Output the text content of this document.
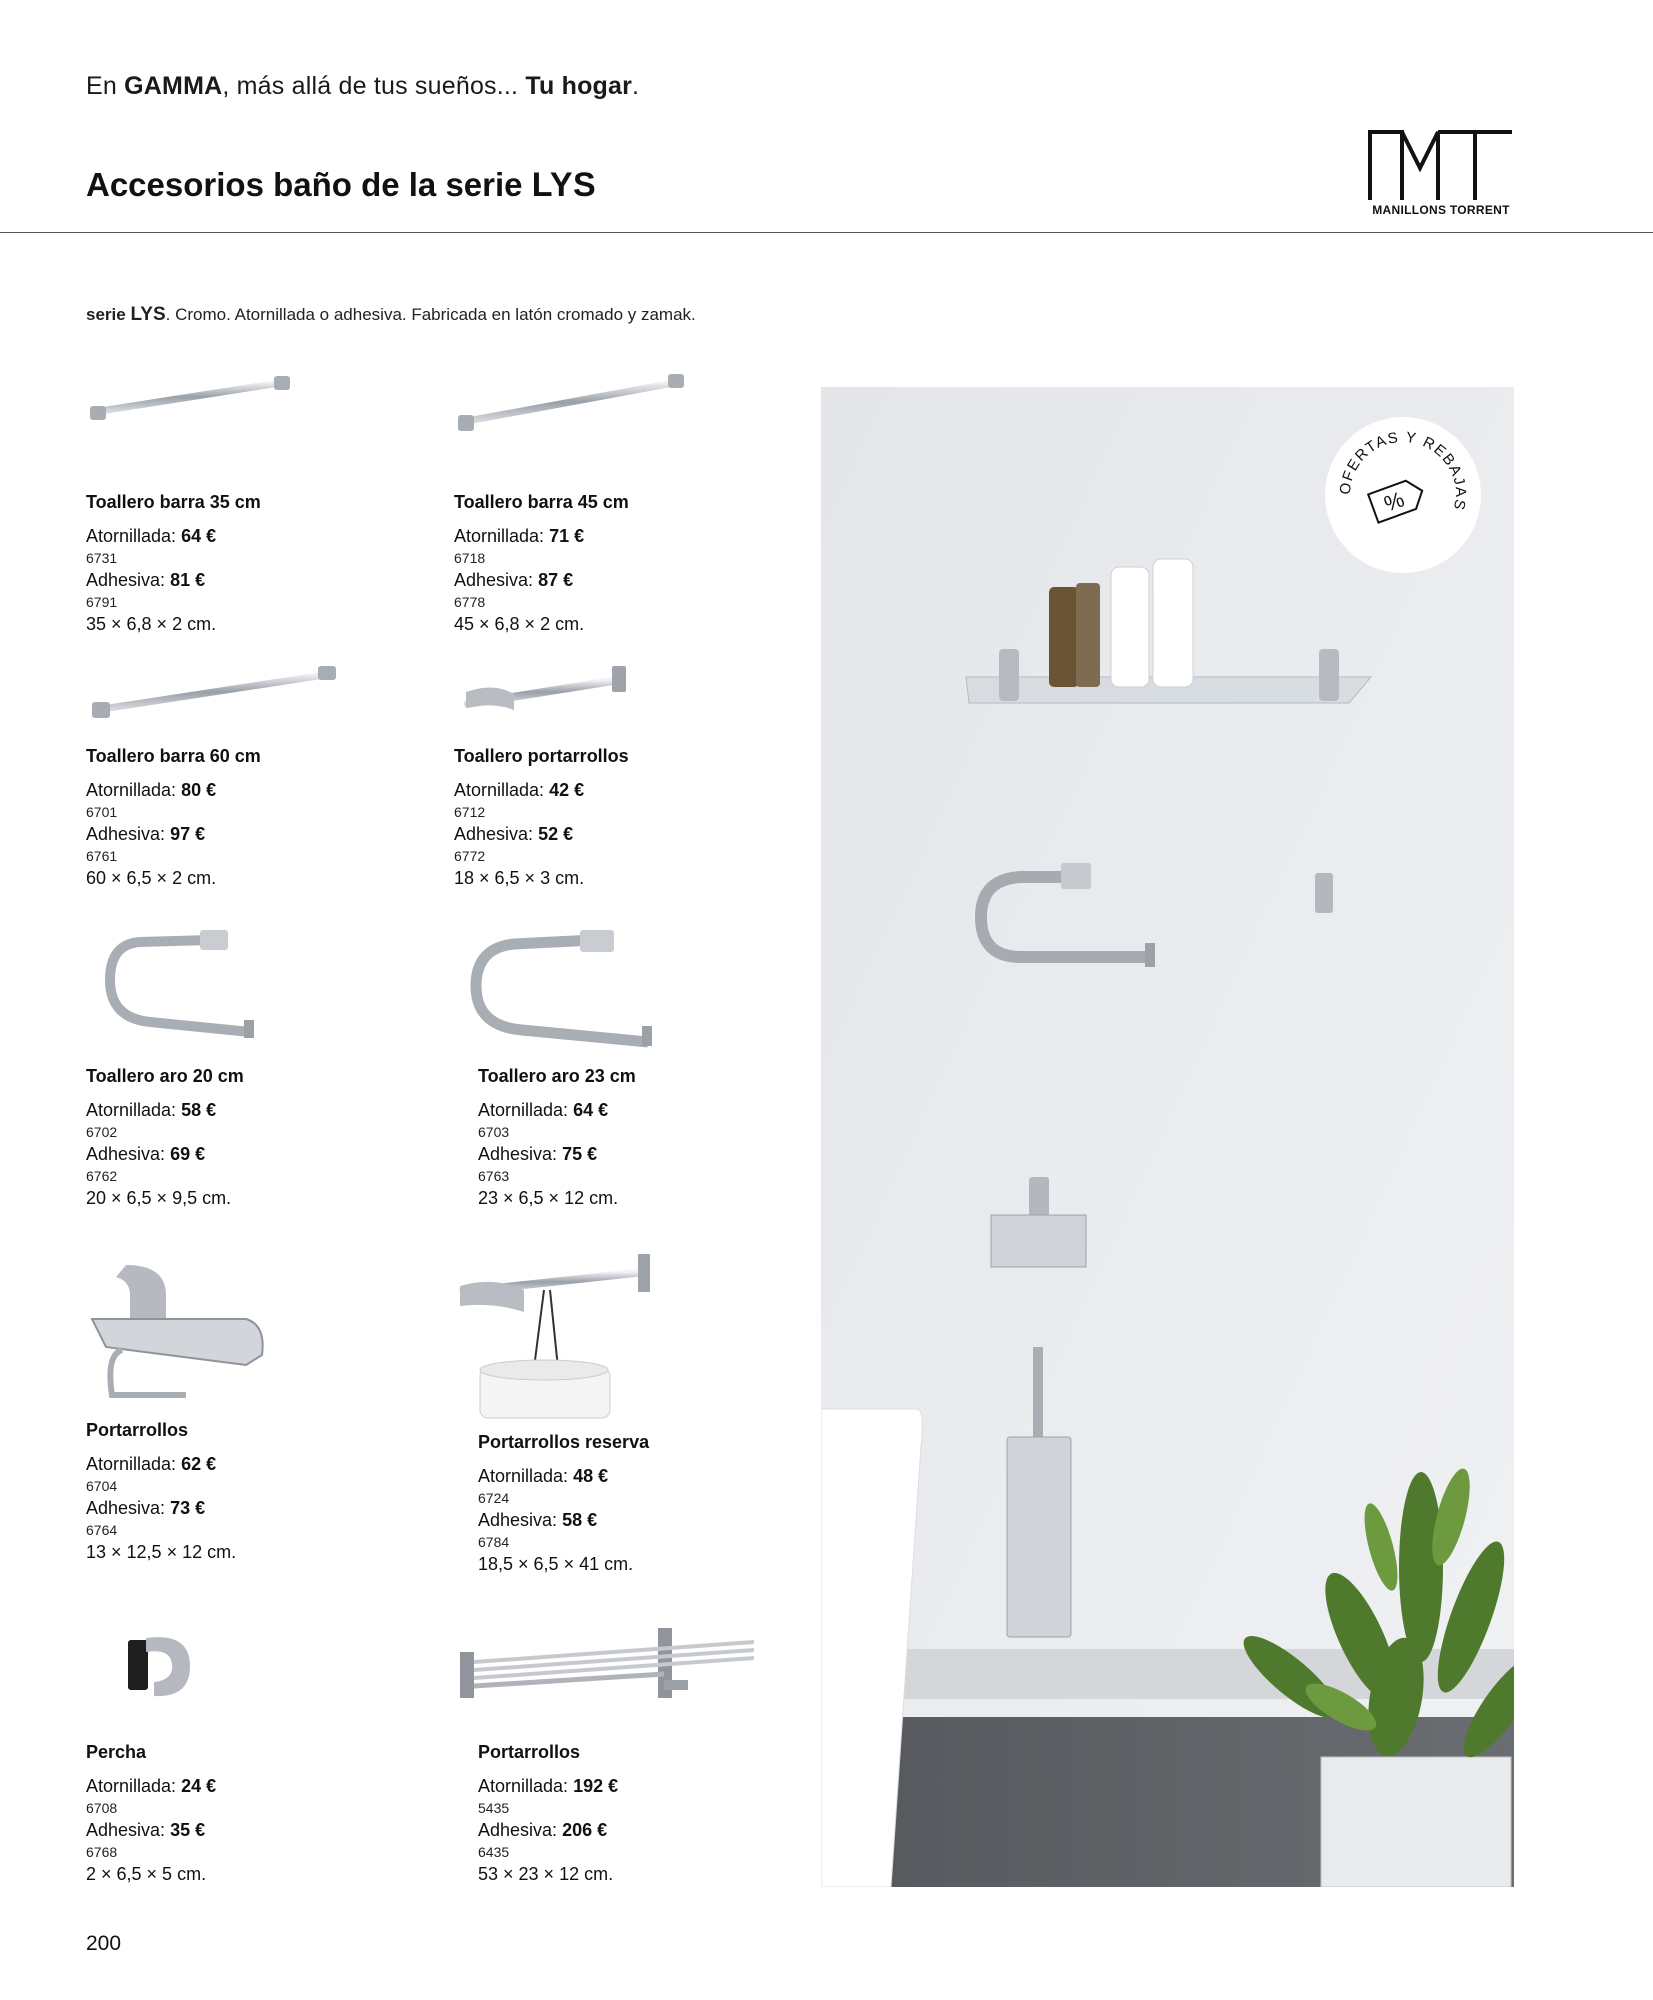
En GAMMA, más allá de tus sueños... Tu hogar.
Accesorios baño de la serie LYS
MANILLONS TORRENT
serie LYS. Cromo. Atornillada o adhesiva. Fabricada en latón cromado y zamak.
Toallero barra 35 cm
Atornillada: 64 €
6731
Adhesiva: 81 €
6791
35 × 6,8 × 2 cm.
Toallero barra 45 cm
Atornillada: 71 €
6718
Adhesiva: 87 €
6778
45 × 6,8 × 2 cm.
Toallero barra 60 cm
Atornillada: 80 €
6701
Adhesiva: 97 €
6761
60 × 6,5 × 2 cm.
Toallero portarrollos
Atornillada: 42 €
6712
Adhesiva: 52 €
6772
18 × 6,5 × 3 cm.
Toallero aro 20 cm
Atornillada: 58 €
6702
Adhesiva: 69 €
6762
20 × 6,5 × 9,5 cm.
Toallero aro 23 cm
Atornillada: 64 €
6703
Adhesiva: 75 €
6763
23 × 6,5 × 12 cm.
Portarrollos
Atornillada: 62 €
6704
Adhesiva: 73 €
6764
13 × 12,5 × 12 cm.
Portarrollos reserva
Atornillada: 48 €
6724
Adhesiva: 58 €
6784
18,5 × 6,5 × 41 cm.
Percha
Atornillada: 24 €
6708
Adhesiva: 35 €
6768
2 × 6,5 × 5 cm.
Portarrollos
Atornillada: 192 €
5435
Adhesiva: 206 €
6435
53 × 23 × 12 cm.
OFERTAS Y REBAJAS
%
200
